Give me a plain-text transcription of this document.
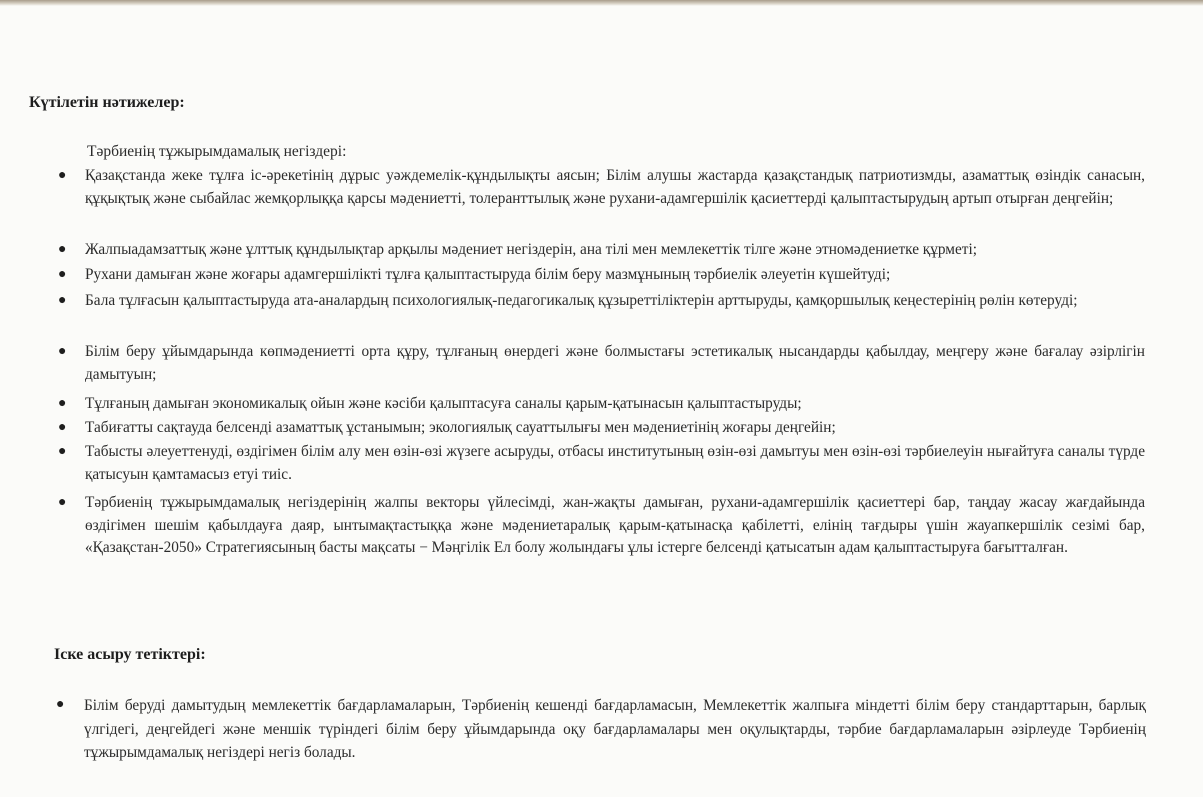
Күтілетін нәтижелер:
Тәрбиенің тұжырымдамалық негіздері:
● Қазақстанда жеке тұлға іс-әрекетінің дұрыс уәждемелік-құндылықты аясын; Білім алушы жастарда қазақстандық патриотизмды, азаматтық өзіндік санасын, құқықтық және сыбайлас жемқорлыққа қарсы мәдениетті, толеранттылық және рухани-адамгершілік қасиеттерді қалыптастырудың артып отырған деңгейін;
● Жалпыадамзаттық және ұлттық құндылықтар арқылы мәдениет негіздерін, ана тілі мен мемлекеттік тілге және этномәдениетке құрметі;
● Рухани дамыған және жоғары адамгершілікті тұлға қалыптастыруда білім беру мазмұнының тәрбиелік әлеуетін күшейтуді;
● Бала тұлғасын қалыптастыруда ата-аналардың психологиялық-педагогикалық құзыреттіліктерін арттыруды, қамқоршылық кеңестерінің рөлін көтеруді;
● Білім беру ұйымдарында көпмәдениетті орта құру, тұлғаның өнердегі және болмыстағы эстетикалық нысандарды қабылдау, меңгеру және бағалау әзірлігін дамытуын;
● Тұлғаның дамыған экономикалық ойын және кәсіби қалыптасуға саналы қарым-қатынасын қалыптастыруды;
● Табиғатты сақтауда белсенді азаматтық ұстанымын; экологиялық сауаттылығы мен мәдениетінің жоғары деңгейін;
● Табысты әлеуеттенуді, өздігімен білім алу мен өзін-өзі жүзеге асыруды, отбасы институтының өзін-өзі дамытуы мен өзін-өзі тәрбиелеуін нығайтуға саналы түрде қатысуын қамтамасыз етуі тиіс.
● Тәрбиенің тұжырымдамалық негіздерінің жалпы векторы үйлесімді, жан-жақты дамыған, рухани-адамгершілік қасиеттері бар, таңдау жасау жағдайында өздігімен шешім қабылдауға даяр, ынтымақтастыққа және мәдениетаралық қарым-қатынасқа қабілетті, елінің тағдыры үшін жауапкершілік сезімі бар, «Қазақстан-2050» Стратегиясының басты мақсаты − Мәңгілік Ел болу жолындағы ұлы істерге белсенді қатысатын адам қалыптастыруға бағытталған.
Іске асыру тетіктері:
● Білім беруді дамытудың мемлекеттік бағдарламаларын, Тәрбиенің кешенді бағдарламасын, Мемлекеттік жалпыға міндетті білім беру стандарттарын, барлық үлгідегі, деңгейдегі және меншік түріндегі білім беру ұйымдарында оқу бағдарламалары мен оқулықтарды, тәрбие бағдарламаларын әзірлеуде Тәрбиенің тұжырымдамалық негіздері негіз болады.
